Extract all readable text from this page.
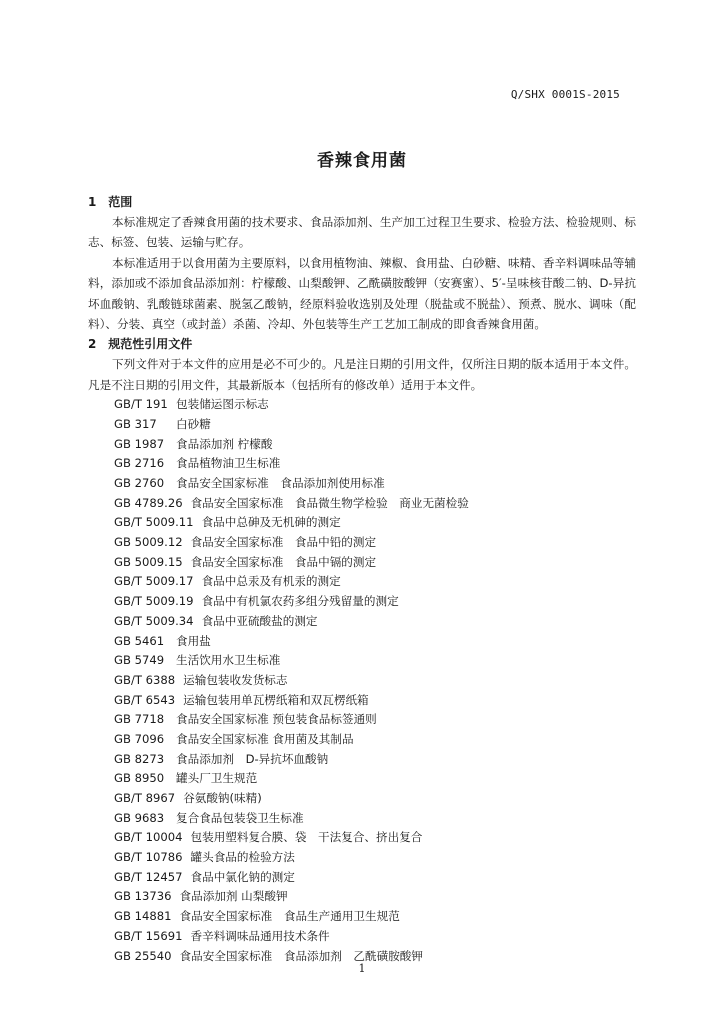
Q/SHX 0001S-2015
香辣食用菌
1 范围

本标准规定了香辣食用菌的技术要求、食品添加剂、生产加工过程卫生要求、检验方法、检验规则、标志、标签、包装、运输与贮存。

本标准适用于以食用菌为主要原料，以食用植物油、辣椒、食用盐、白砂糖、味精、香辛料调味品等辅料，添加或不添加食品添加剂：柠檬酸、山梨酸钾、乙酰磺胺酸钾（安赛蜜）、5′-呈味核苷酸二钠、D-异抗坏血酸钠、乳酸链球菌素、脱氢乙酸钠，经原料验收选别及处理（脱盐或不脱盐）、预煮、脱水、调味（配料）、分装、真空（或封盖）杀菌、冷却、外包装等生产工艺加工制成的即食香辣食用菌。

2 规范性引用文件

下列文件对于本文件的应用是必不可少的。凡是注日期的引用文件，仅所注日期的版本适用于本文件。凡是不注日期的引用文件，其最新版本（包括所有的修改单）适用于本文件。

GB/T 191 包装储运图示标志
GB 317 白砂糖
GB 1987 食品添加剂 柠檬酸
GB 2716 食品植物油卫生标准
GB 2760 食品安全国家标准　食品添加剂使用标准
GB 4789.26 食品安全国家标准　食品微生物学检验　商业无菌检验
GB/T 5009.11 食品中总砷及无机砷的测定
GB 5009.12 食品安全国家标准　食品中铅的测定
GB 5009.15 食品安全国家标准　食品中镉的测定
GB/T 5009.17 食品中总汞及有机汞的测定
GB/T 5009.19 食品中有机氯农药多组分残留量的测定
GB/T 5009.34 食品中亚硫酸盐的测定
GB 5461 食用盐
GB 5749 生活饮用水卫生标准
GB/T 6388 运输包装收发货标志
GB/T 6543 运输包装用单瓦楞纸箱和双瓦楞纸箱
GB 7718 食品安全国家标准 预包装食品标签通则
GB 7096 食品安全国家标准 食用菌及其制品
GB 8273 食品添加剂　D-异抗坏血酸钠
GB 8950 罐头厂卫生规范
GB/T 8967 谷氨酸钠(味精)
GB 9683 复合食品包装袋卫生标准
GB/T 10004 包装用塑料复合膜、袋　干法复合、挤出复合
GB/T 10786 罐头食品的检验方法
GB/T 12457 食品中氯化钠的测定
GB 13736 食品添加剂 山梨酸钾
GB 14881 食品安全国家标准　食品生产通用卫生规范
GB/T 15691 香辛料调味品通用技术条件
GB 25540 食品安全国家标准　食品添加剂　乙酰磺胺酸钾
1
